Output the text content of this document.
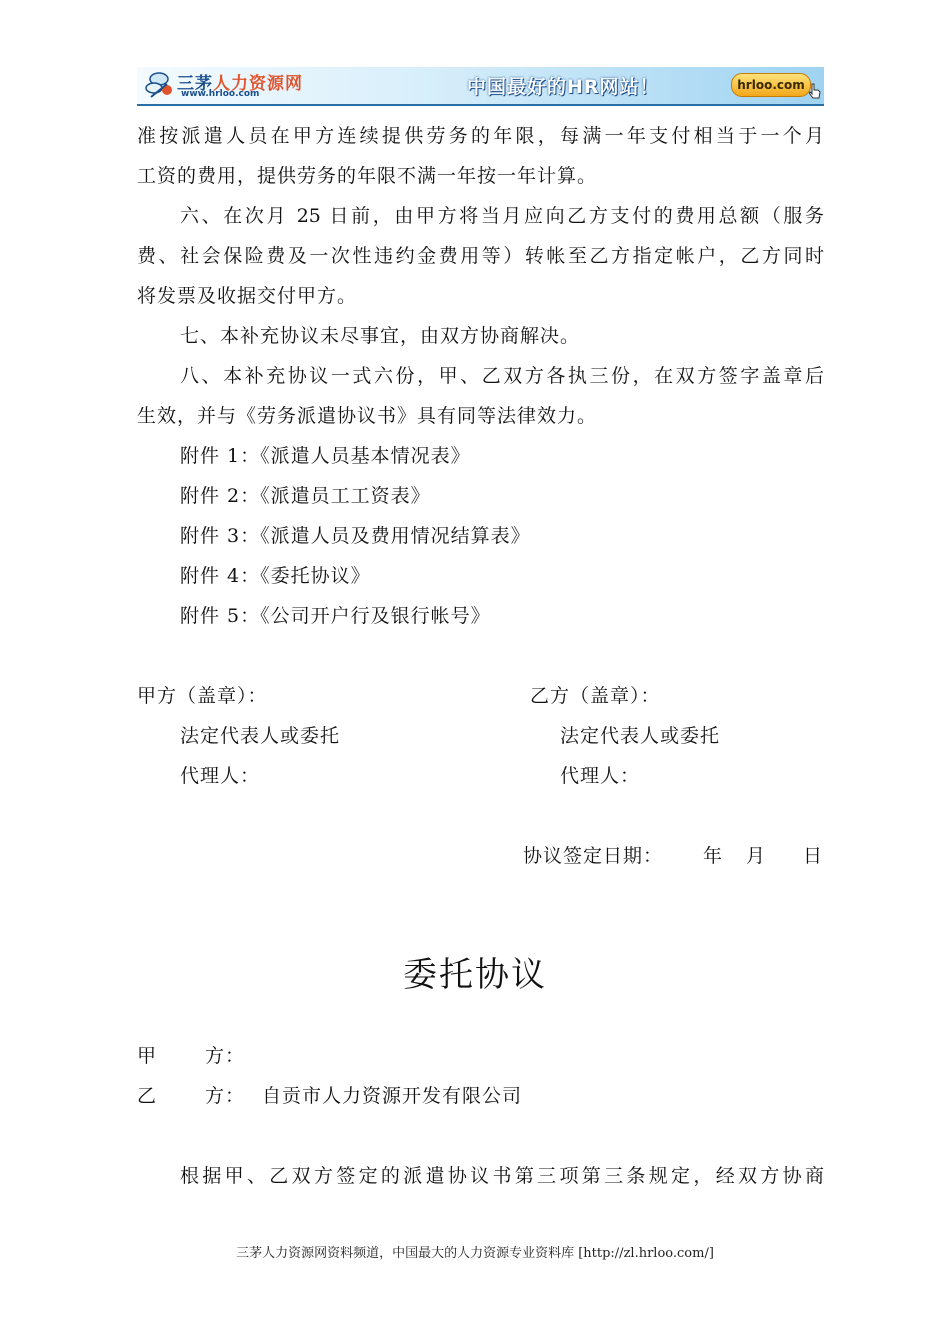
三茅人力资源网
www.hrloo.com	中国最好的HR网站！	hrloo.com
准按派遣人员在甲方连续提供劳务的年限，每满一年支付相当于一个月
工资的费用，提供劳务的年限不满一年按一年计算。
六、在次月 25 日前，由甲方将当月应向乙方支付的费用总额（服务
费、社会保险费及一次性违约金费用等）转帐至乙方指定帐户，乙方同时
将发票及收据交付甲方。
七、本补充协议未尽事宜，由双方协商解决。
八、本补充协议一式六份，甲、乙双方各执三份，在双方签字盖章后
生效，并与《劳务派遣协议书》具有同等法律效力。
附件 1：《派遣人员基本情况表》
附件 2：《派遣员工工资表》
附件 3：《派遣人员及费用情况结算表》
附件 4：《委托协议》
附件 5：《公司开户行及银行帐号》
甲方（盖章）：	乙方（盖章）：
法定代表人或委托	法定代表人或委托
代理人：	代理人：
协议签定日期： 年 月 日
委托协议
甲	方：
乙	方： 自贡市人力资源开发有限公司
根据甲、乙双方签定的派遣协议书第三项第三条规定，经双方协商
三茅人力资源网资料频道，中国最大的人力资源专业资料库 [http://zl.hrloo.com/]
